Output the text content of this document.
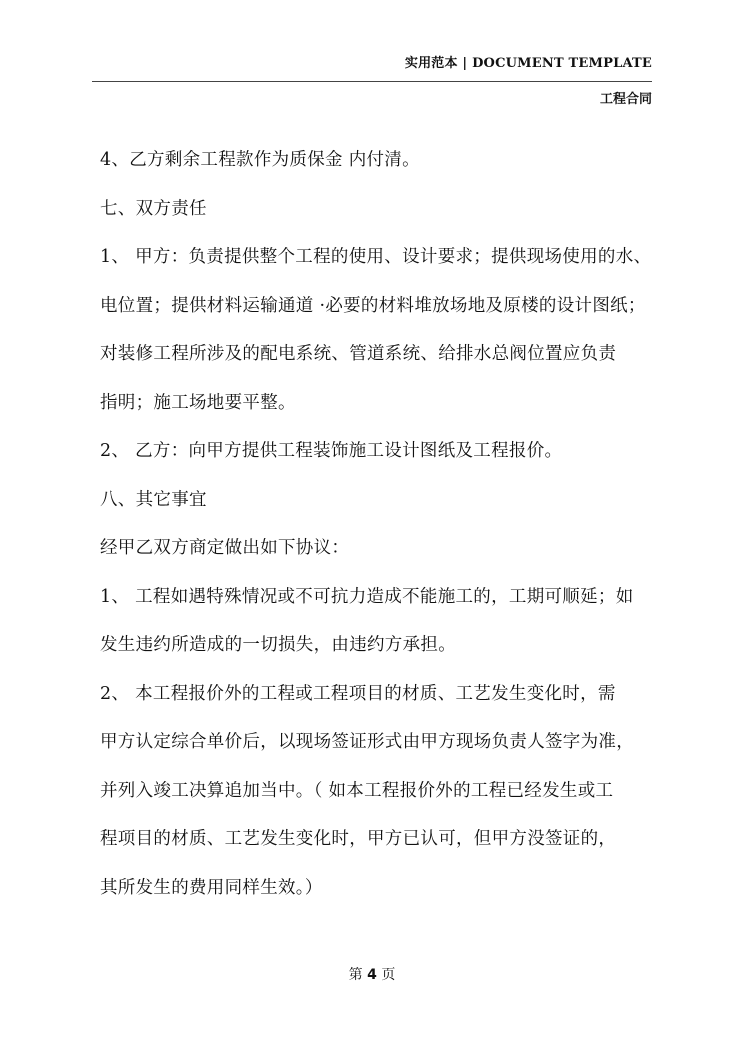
实用范本 | DOCUMENT TEMPLATE
工程合同

4、乙方剩余工程款作为质保金 内付清。

七、双方责任

1、 甲方：负责提供整个工程的使用、设计要求；提供现场使用的水、

电位置；提供材料运输通道 ·必要的材料堆放场地及原楼的设计图纸；

对装修工程所涉及的配电系统、管道系统、给排水总阀位置应负责

指明；施工场地要平整。

2、 乙方：向甲方提供工程装饰施工设计图纸及工程报价。

八、其它事宜

经甲乙双方商定做出如下协议：

1、 工程如遇特殊情况或不可抗力造成不能施工的，工期可顺延；如

发生违约所造成的一切损失，由违约方承担。

2、 本工程报价外的工程或工程项目的材质、工艺发生变化时，需

甲方认定综合单价后，以现场签证形式由甲方现场负责人签字为准，

并列入竣工决算追加当中。（ 如本工程报价外的工程已经发生或工

程项目的材质、工艺发生变化时，甲方已认可，但甲方没签证的，

其所发生的费用同样生效。）

第 4 页
